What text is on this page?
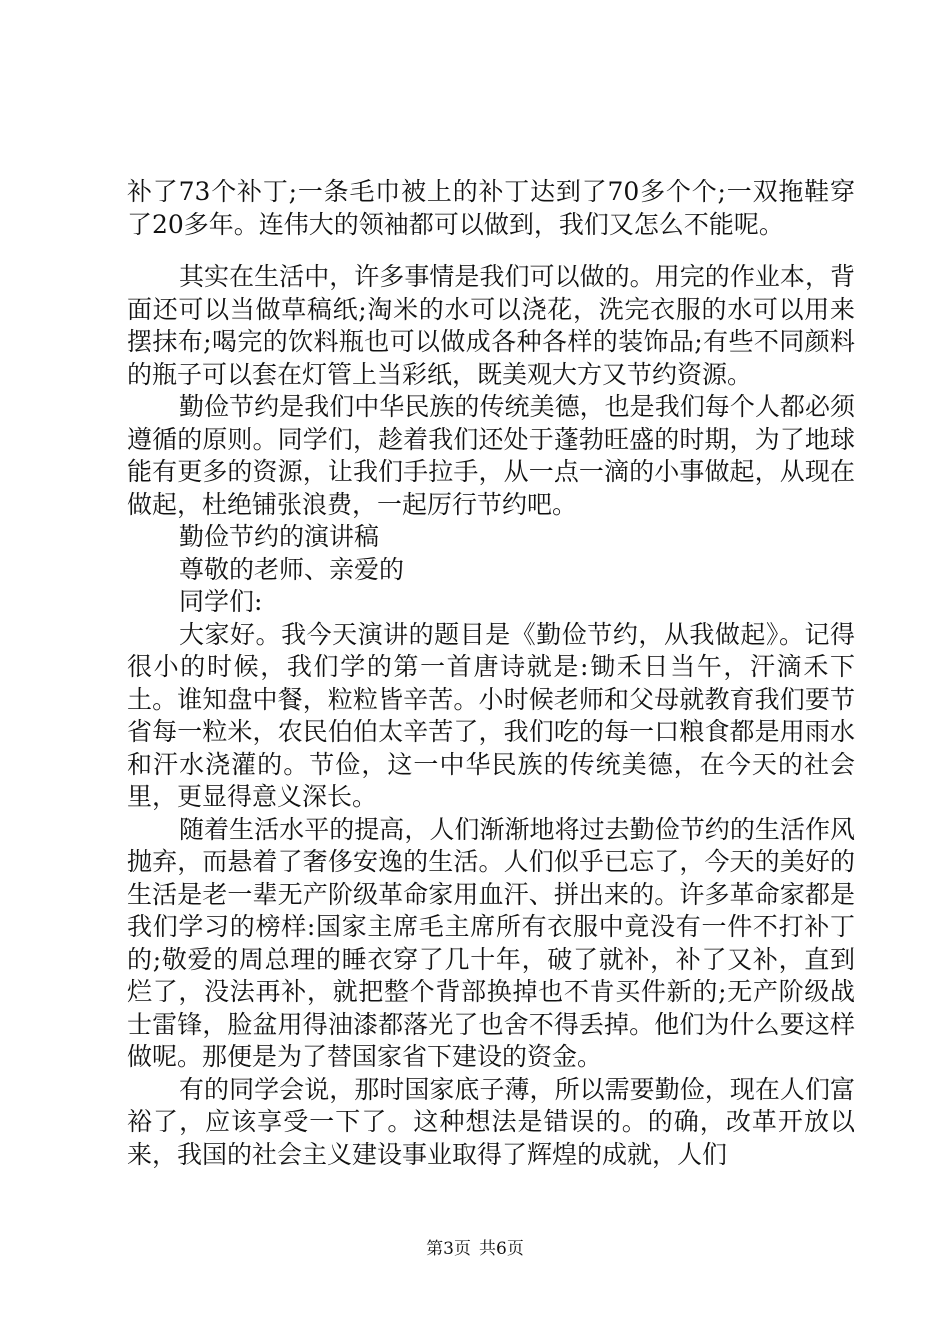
补了73个补丁;一条毛巾被上的补丁达到了70多个个;一双拖鞋穿了20多年。连伟大的领袖都可以做到，我们又怎么不能呢。

其实在生活中，许多事情是我们可以做的。用完的作业本，背面还可以当做草稿纸;淘米的水可以浇花，洗完衣服的水可以用来摆抹布;喝完的饮料瓶也可以做成各种各样的装饰品;有些不同颜料的瓶子可以套在灯管上当彩纸，既美观大方又节约资源。

勤俭节约是我们中华民族的传统美德，也是我们每个人都必须遵循的原则。同学们，趁着我们还处于蓬勃旺盛的时期，为了地球能有更多的资源，让我们手拉手，从一点一滴的小事做起，从现在做起，杜绝铺张浪费，一起厉行节约吧。

勤俭节约的演讲稿

尊敬的老师、亲爱的

同学们:

大家好。我今天演讲的题目是《勤俭节约，从我做起》。记得很小的时候，我们学的第一首唐诗就是:锄禾日当午，汗滴禾下土。谁知盘中餐，粒粒皆辛苦。小时候老师和父母就教育我们要节省每一粒米，农民伯伯太辛苦了，我们吃的每一口粮食都是用雨水和汗水浇灌的。节俭，这一中华民族的传统美德，在今天的社会里，更显得意义深长。

随着生活水平的提高，人们渐渐地将过去勤俭节约的生活作风抛弃，而悬着了奢侈安逸的生活。人们似乎已忘了，今天的美好的生活是老一辈无产阶级革命家用血汗、拼出来的。许多革命家都是我们学习的榜样:国家主席毛主席所有衣服中竟没有一件不打补丁的;敬爱的周总理的睡衣穿了几十年，破了就补，补了又补，直到烂了，没法再补，就把整个背部换掉也不肯买件新的;无产阶级战士雷锋，脸盆用得油漆都落光了也舍不得丢掉。他们为什么要这样做呢。那便是为了替国家省下建设的资金。

有的同学会说，那时国家底子薄，所以需要勤俭，现在人们富裕了，应该享受一下了。这种想法是错误的。的确，改革开放以来，我国的社会主义建设事业取得了辉煌的成就，人们

第3页 共6页
